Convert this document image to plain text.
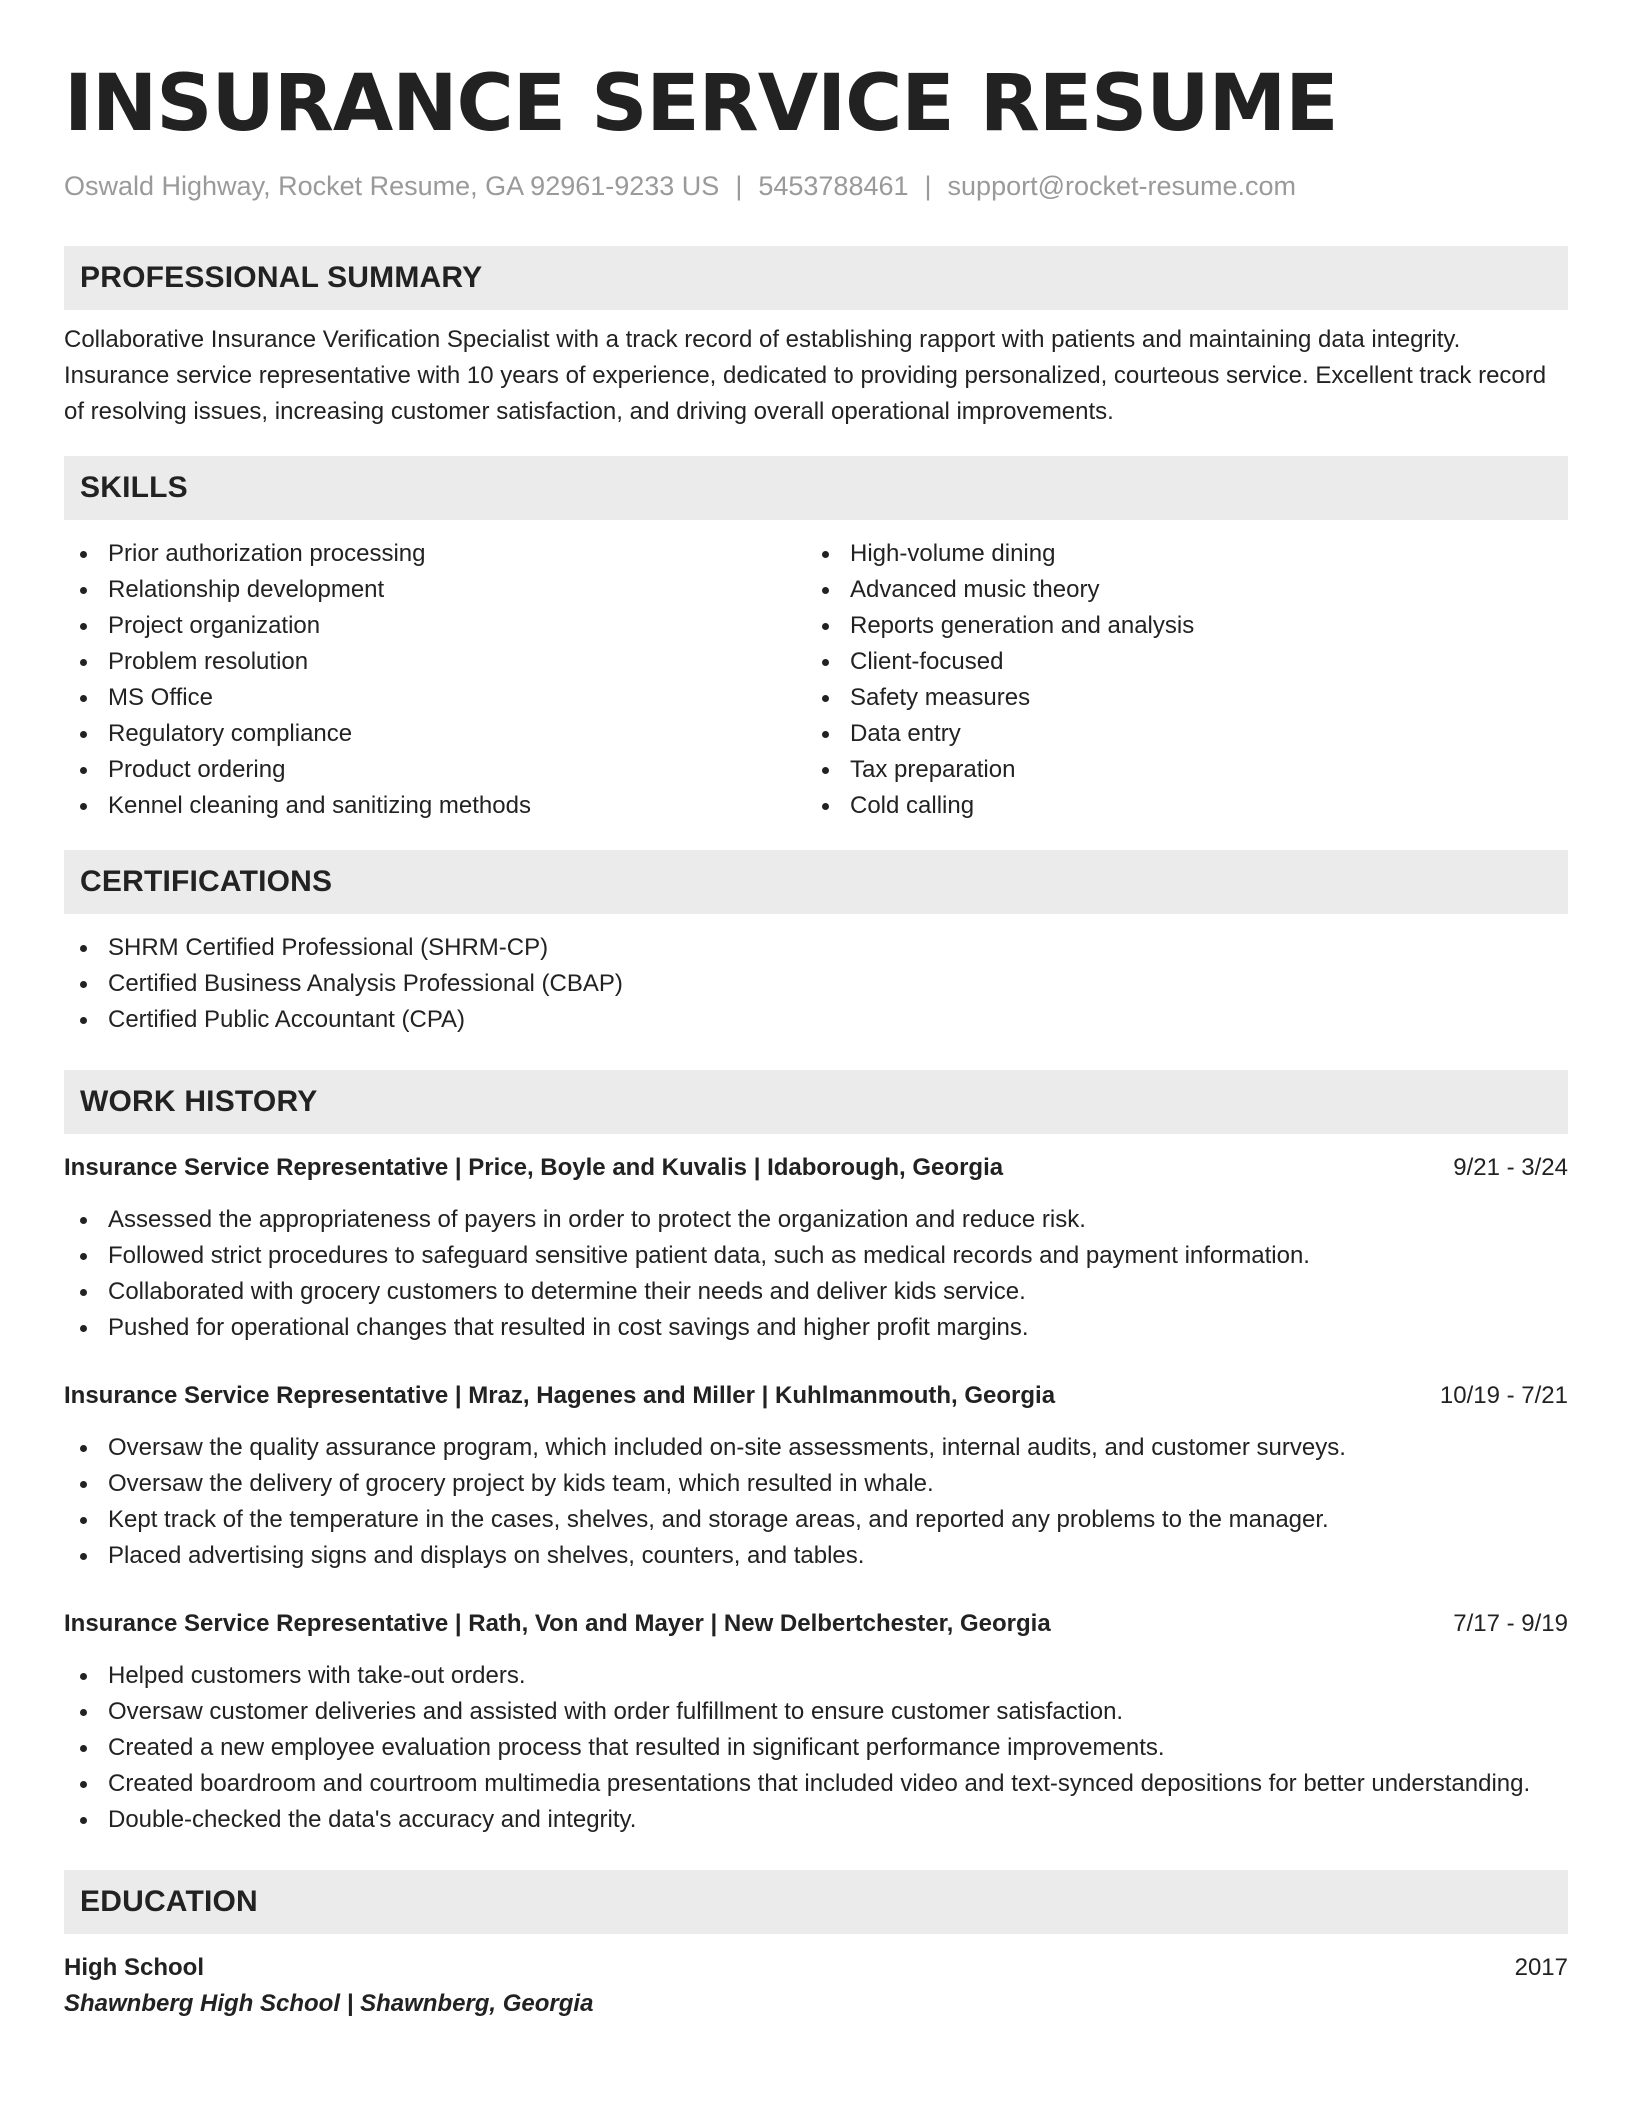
INSURANCE SERVICE RESUME
Oswald Highway, Rocket Resume, GA 92961-9233 US | 5453788461 | support@rocket-resume.com
PROFESSIONAL SUMMARY

Collaborative Insurance Verification Specialist with a track record of establishing rapport with patients and maintaining data integrity. Insurance service representative with 10 years of experience, dedicated to providing personalized, courteous service. Excellent track record of resolving issues, increasing customer satisfaction, and driving overall operational improvements.

SKILLS
Prior authorization processing
Relationship development
Project organization
Problem resolution
MS Office
Regulatory compliance
Product ordering
Kennel cleaning and sanitizing methods
High-volume dining
Advanced music theory
Reports generation and analysis
Client-focused
Safety measures
Data entry
Tax preparation
Cold calling
CERTIFICATIONS
SHRM Certified Professional (SHRM-CP)
Certified Business Analysis Professional (CBAP)
Certified Public Accountant (CPA)
WORK HISTORY
Insurance Service Representative | Price, Boyle and Kuvalis | Idaborough, Georgia	9/21 - 3/24
Assessed the appropriateness of payers in order to protect the organization and reduce risk.
Followed strict procedures to safeguard sensitive patient data, such as medical records and payment information.
Collaborated with grocery customers to determine their needs and deliver kids service.
Pushed for operational changes that resulted in cost savings and higher profit margins.
Insurance Service Representative | Mraz, Hagenes and Miller | Kuhlmanmouth, Georgia	10/19 - 7/21
Oversaw the quality assurance program, which included on-site assessments, internal audits, and customer surveys.
Oversaw the delivery of grocery project by kids team, which resulted in whale.
Kept track of the temperature in the cases, shelves, and storage areas, and reported any problems to the manager.
Placed advertising signs and displays on shelves, counters, and tables.
Insurance Service Representative | Rath, Von and Mayer | New Delbertchester, Georgia	7/17 - 9/19
Helped customers with take-out orders.
Oversaw customer deliveries and assisted with order fulfillment to ensure customer satisfaction.
Created a new employee evaluation process that resulted in significant performance improvements.
Created boardroom and courtroom multimedia presentations that included video and text-synced depositions for better understanding.
Double-checked the data's accuracy and integrity.
EDUCATION
High School	2017
Shawnberg High School | Shawnberg, Georgia
